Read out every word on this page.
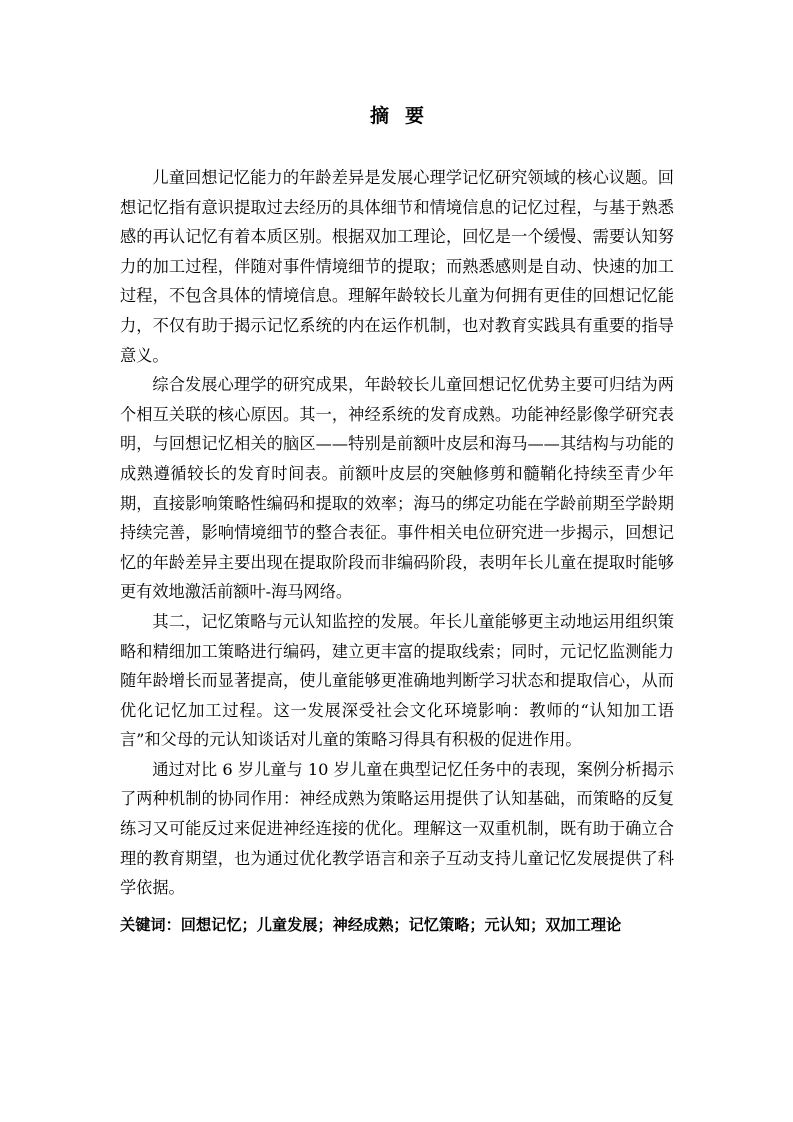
摘要

儿童回想记忆能力的年龄差异是发展心理学记忆研究领域的核心议题。回想记忆指有意识提取过去经历的具体细节和情境信息的记忆过程，与基于熟悉感的再认记忆有着本质区别。根据双加工理论，回忆是一个缓慢、需要认知努力的加工过程，伴随对事件情境细节的提取；而熟悉感则是自动、快速的加工过程，不包含具体的情境信息。理解年龄较长儿童为何拥有更佳的回想记忆能力，不仅有助于揭示记忆系统的内在运作机制，也对教育实践具有重要的指导意义。

综合发展心理学的研究成果，年龄较长儿童回想记忆优势主要可归结为两个相互关联的核心原因。其一，神经系统的发育成熟。功能神经影像学研究表明，与回想记忆相关的脑区——特别是前额叶皮层和海马——其结构与功能的成熟遵循较长的发育时间表。前额叶皮层的突触修剪和髓鞘化持续至青少年期，直接影响策略性编码和提取的效率；海马的绑定功能在学龄前期至学龄期持续完善，影响情境细节的整合表征。事件相关电位研究进一步揭示，回想记忆的年龄差异主要出现在提取阶段而非编码阶段，表明年长儿童在提取时能够更有效地激活前额叶-海马网络。

其二，记忆策略与元认知监控的发展。年长儿童能够更主动地运用组织策略和精细加工策略进行编码，建立更丰富的提取线索；同时，元记忆监测能力随年龄增长而显著提高，使儿童能够更准确地判断学习状态和提取信心，从而优化记忆加工过程。这一发展深受社会文化环境影响：教师的“认知加工语言”和父母的元认知谈话对儿童的策略习得具有积极的促进作用。

通过对比 6 岁儿童与 10 岁儿童在典型记忆任务中的表现，案例分析揭示了两种机制的协同作用：神经成熟为策略运用提供了认知基础，而策略的反复练习又可能反过来促进神经连接的优化。理解这一双重机制，既有助于确立合理的教育期望，也为通过优化教学语言和亲子互动支持儿童记忆发展提供了科学依据。

关键词：回想记忆；儿童发展；神经成熟；记忆策略；元认知；双加工理论
